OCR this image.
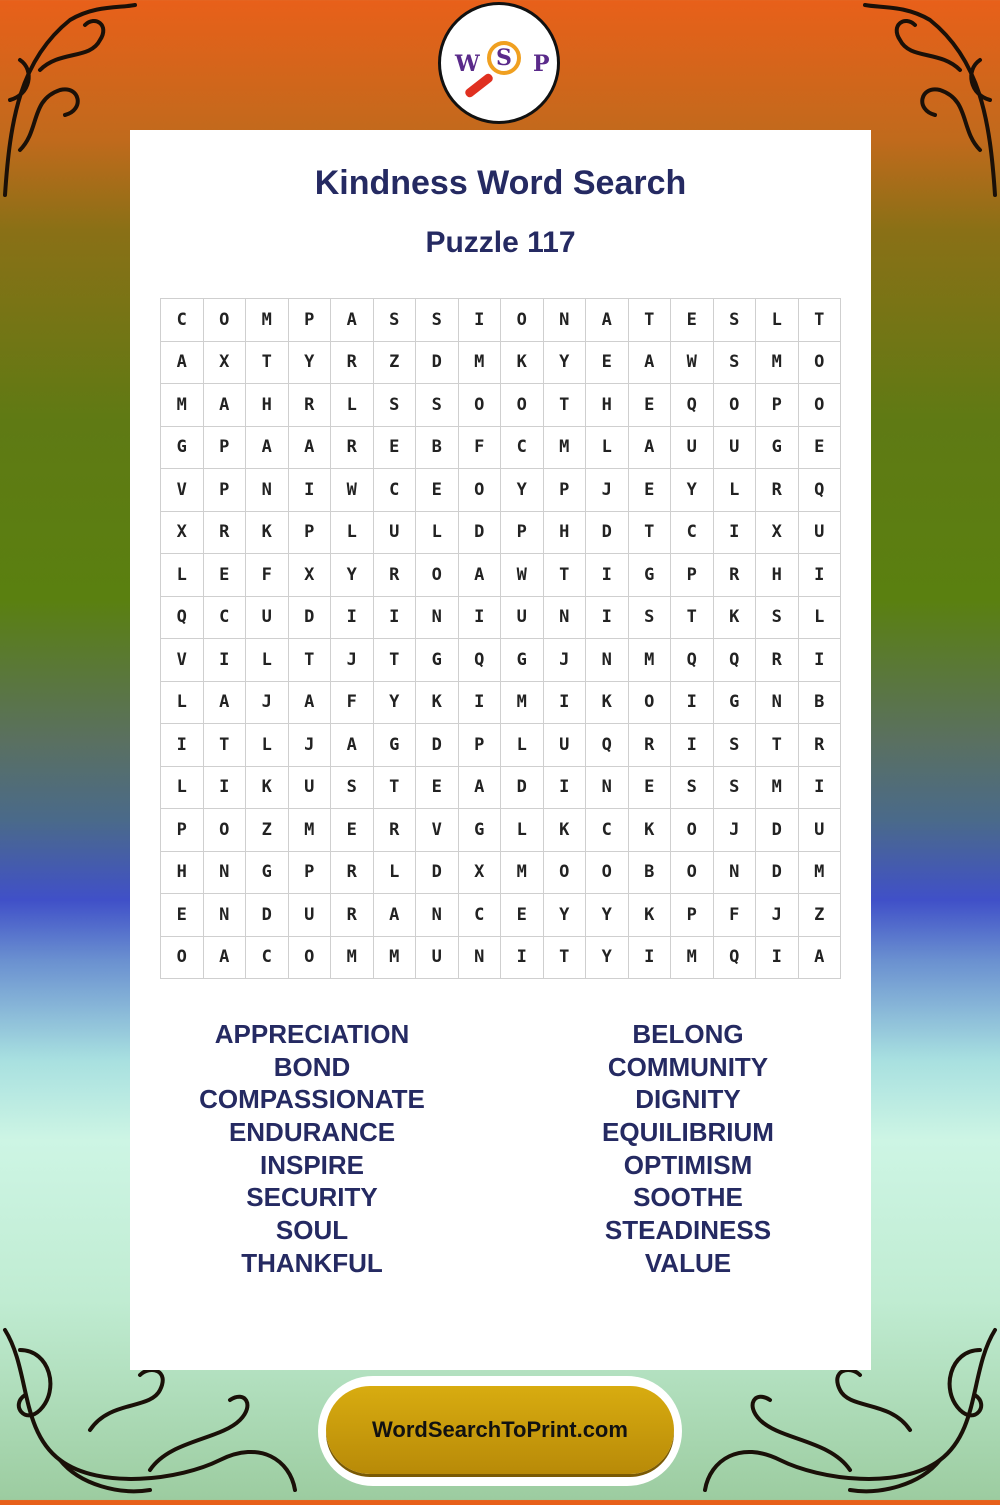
W S P
Kindness Word Search
Puzzle 117
C	O	M	P	A	S	S	I	O	N	A	T	E	S	L	T
A	X	T	Y	R	Z	D	M	K	Y	E	A	W	S	M	O
M	A	H	R	L	S	S	O	O	T	H	E	Q	O	P	O
G	P	A	A	R	E	B	F	C	M	L	A	U	U	G	E
V	P	N	I	W	C	E	O	Y	P	J	E	Y	L	R	Q
X	R	K	P	L	U	L	D	P	H	D	T	C	I	X	U
L	E	F	X	Y	R	O	A	W	T	I	G	P	R	H	I
Q	C	U	D	I	I	N	I	U	N	I	S	T	K	S	L
V	I	L	T	J	T	G	Q	G	J	N	M	Q	Q	R	I
L	A	J	A	F	Y	K	I	M	I	K	O	I	G	N	B
I	T	L	J	A	G	D	P	L	U	Q	R	I	S	T	R
L	I	K	U	S	T	E	A	D	I	N	E	S	S	M	I
P	O	Z	M	E	R	V	G	L	K	C	K	O	J	D	U
H	N	G	P	R	L	D	X	M	O	O	B	O	N	D	M
E	N	D	U	R	A	N	C	E	Y	Y	K	P	F	J	Z
O	A	C	O	M	M	U	N	I	T	Y	I	M	Q	I	A
APPRECIATION
BOND
COMPASSIONATE
ENDURANCE
INSPIRE
SECURITY
SOUL
THANKFUL
BELONG
COMMUNITY
DIGNITY
EQUILIBRIUM
OPTIMISM
SOOTHE
STEADINESS
VALUE
WordSearchToPrint.com
